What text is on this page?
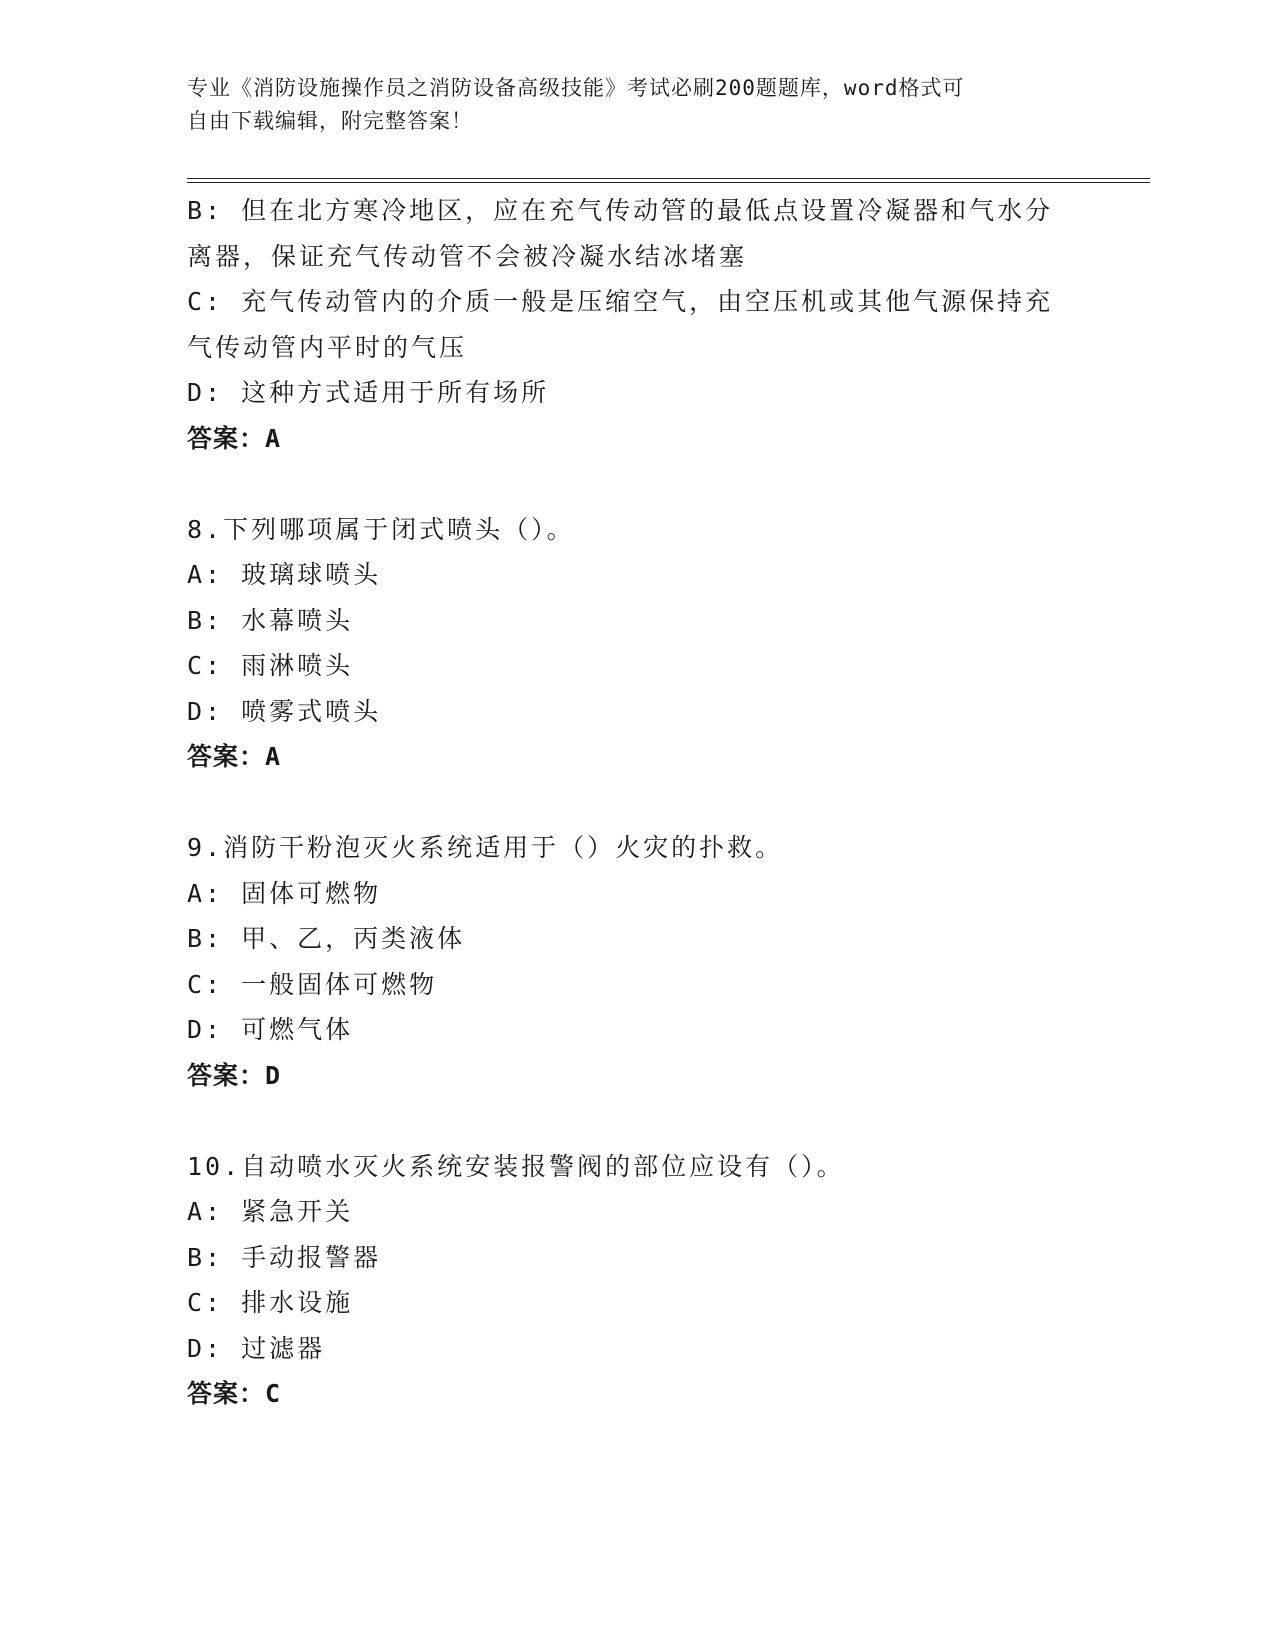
专业《消防设施操作员之消防设备高级技能》考试必刷200题题库，word格式可
自由下载编辑，附完整答案！
B: 但在北方寒冷地区，应在充气传动管的最低点设置冷凝器和气水分
离器，保证充气传动管不会被冷凝水结冰堵塞
C: 充气传动管内的介质一般是压缩空气，由空压机或其他气源保持充
气传动管内平时的气压
D: 这种方式适用于所有场所
答案：A
8.下列哪项属于闭式喷头（）。
A: 玻璃球喷头
B: 水幕喷头
C: 雨淋喷头
D: 喷雾式喷头
答案：A
9.消防干粉泡灭火系统适用于（）火灾的扑救。
A: 固体可燃物
B: 甲、乙，丙类液体
C: 一般固体可燃物
D: 可燃气体
答案：D
10.自动喷水灭火系统安装报警阀的部位应设有（）。
A: 紧急开关
B: 手动报警器
C: 排水设施
D: 过滤器
答案：C
